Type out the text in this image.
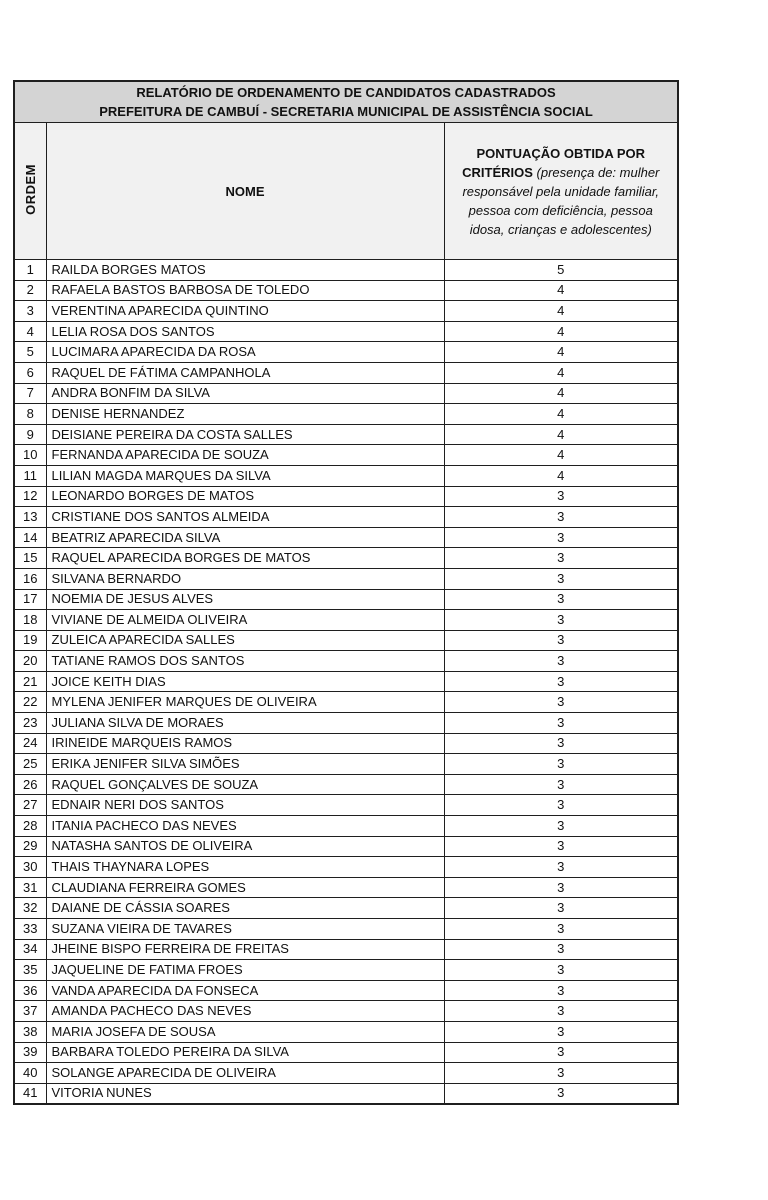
RELATÓRIO DE ORDENAMENTO DE CANDIDATOS CADASTRADOS
PREFEITURA DE CAMBUÍ - SECRETARIA MUNICIPAL DE ASSISTÊNCIA SOCIAL		

ORDEM	NOME	PONTUAÇÃO OBTIDA POR CRITÉRIOS (presença de: mulher responsável pela unidade familiar, pessoa com deficiência, pessoa idosa, crianças e adolescentes)
1	RAILDA BORGES MATOS	5
2	RAFAELA BASTOS BARBOSA DE TOLEDO	4
3	VERENTINA APARECIDA QUINTINO	4
4	LELIA ROSA DOS SANTOS	4
5	LUCIMARA APARECIDA DA ROSA	4
6	RAQUEL DE FÁTIMA CAMPANHOLA	4
7	ANDRA BONFIM DA SILVA	4
8	DENISE HERNANDEZ	4
9	DEISIANE PEREIRA DA COSTA SALLES	4
10	FERNANDA APARECIDA DE SOUZA	4
11	LILIAN MAGDA MARQUES DA SILVA	4
12	LEONARDO BORGES DE MATOS	3
13	CRISTIANE DOS SANTOS ALMEIDA	3
14	BEATRIZ APARECIDA SILVA	3
15	RAQUEL APARECIDA BORGES DE MATOS	3
16	SILVANA BERNARDO	3
17	NOEMIA DE JESUS ALVES	3
18	VIVIANE DE ALMEIDA OLIVEIRA	3
19	ZULEICA APARECIDA SALLES	3
20	TATIANE RAMOS DOS SANTOS	3
21	JOICE KEITH DIAS	3
22	MYLENA JENIFER MARQUES DE OLIVEIRA	3
23	JULIANA SILVA DE MORAES	3
24	IRINEIDE MARQUEIS RAMOS	3
25	ERIKA JENIFER SILVA SIMÕES	3
26	RAQUEL GONÇALVES DE SOUZA	3
27	EDNAIR NERI DOS SANTOS	3
28	ITANIA PACHECO DAS NEVES	3
29	NATASHA SANTOS DE OLIVEIRA	3
30	THAIS THAYNARA LOPES	3
31	CLAUDIANA FERREIRA GOMES	3
32	DAIANE DE CÁSSIA SOARES	3
33	SUZANA VIEIRA DE TAVARES	3
34	JHEINE BISPO FERREIRA DE FREITAS	3
35	JAQUELINE DE FATIMA FROES	3
36	VANDA APARECIDA DA FONSECA	3
37	AMANDA PACHECO DAS NEVES	3
38	MARIA JOSEFA DE SOUSA	3
39	BARBARA TOLEDO PEREIRA DA SILVA	3
40	SOLANGE APARECIDA DE OLIVEIRA	3
41	VITORIA NUNES	3
